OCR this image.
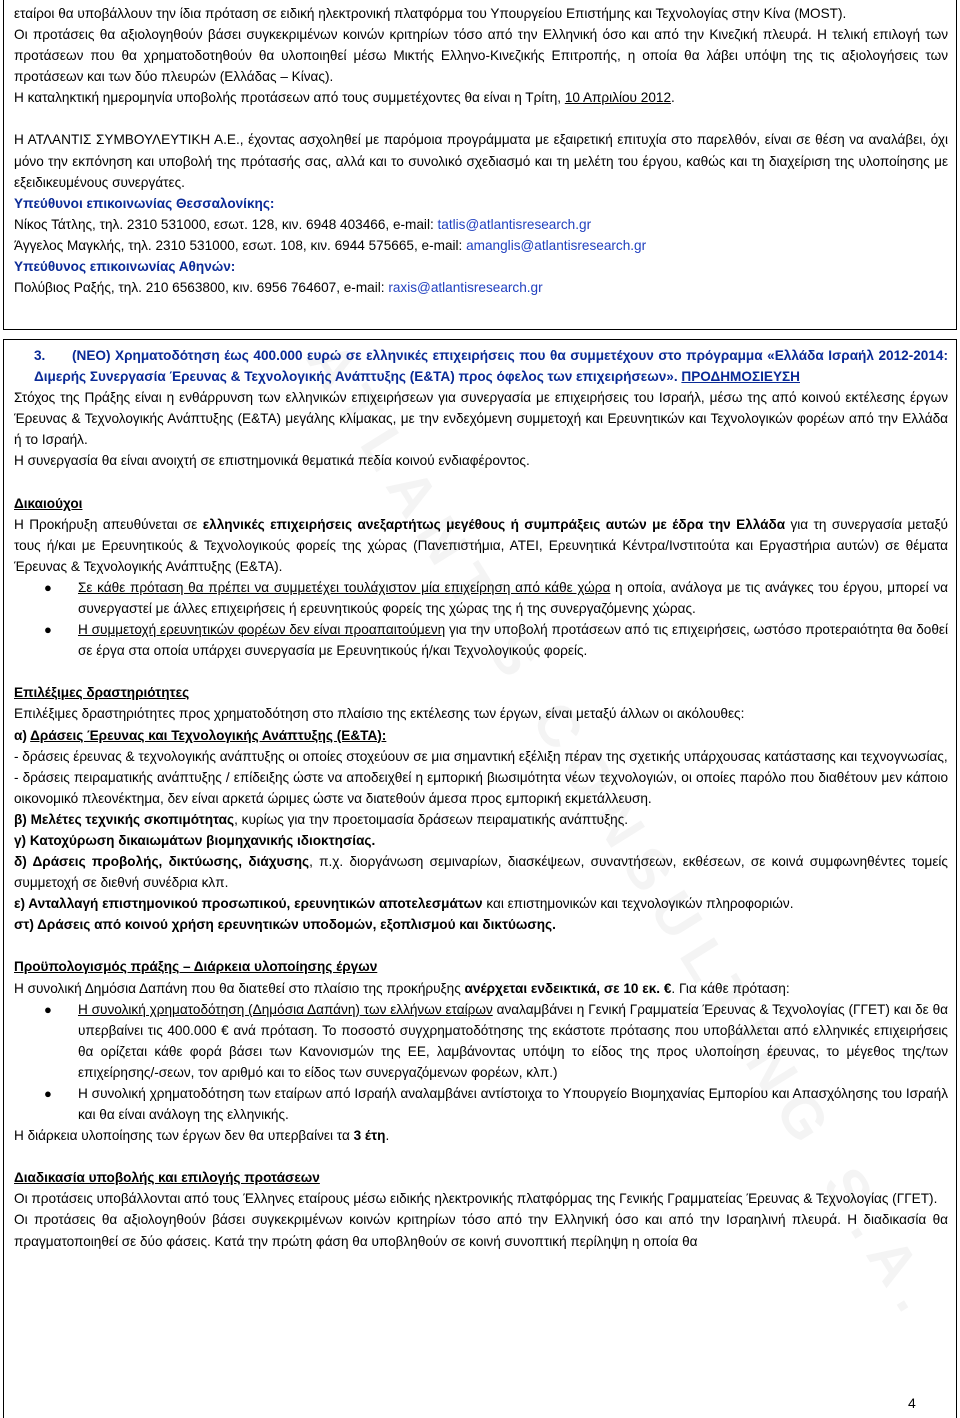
εταίροι θα υποβάλλουν την ίδια πρόταση σε ειδική ηλεκτρονική πλατφόρμα του Υπουργείου Επιστήμης και Τεχνολογίας στην Κίνα (MOST).

Οι προτάσεις θα αξιολογηθούν βάσει συγκεκριμένων κοινών κριτηρίων τόσο από την Ελληνική όσο και από την Κινεζική πλευρά. Η τελική επιλογή των προτάσεων που θα χρηματοδοτηθούν θα υλοποιηθεί μέσω Μικτής Ελληνο-Κινεζικής Επιτροπής, η οποία θα λάβει υπόψη της τις αξιολογήσεις των προτάσεων και των δύο πλευρών (Ελλάδας – Κίνας).

Η καταληκτική ημερομηνία υποβολής προτάσεων από τους συμμετέχοντες θα είναι η Τρίτη, 10 Απριλίου 2012.

Η ΑΤΛΑΝΤΙΣ ΣΥΜΒΟΥΛΕΥΤΙΚΗ Α.Ε., έχοντας ασχοληθεί με παρόμοια προγράμματα με εξαιρετική επιτυχία στο παρελθόν, είναι σε θέση να αναλάβει, όχι μόνο την εκπόνηση και υποβολή της πρότασής σας, αλλά και το συνολικό σχεδιασμό και τη μελέτη του έργου, καθώς και τη διαχείριση της υλοποίησης με εξειδικευμένους συνεργάτες.

Υπεύθυνοι επικοινωνίας Θεσσαλονίκης:

Νίκος Τάτλης, τηλ. 2310 531000, εσωτ. 128, κιν. 6948 403466, e-mail: tatlis@atlantisresearch.gr

Άγγελος Μαγκλής, τηλ. 2310 531000, εσωτ. 108, κιν. 6944 575665, e-mail: amanglis@atlantisresearch.gr

Υπεύθυνος επικοινωνίας Αθηνών:

Πολύβιος Ραξής, τηλ. 210 6563800, κιν. 6956 764607, e-mail: raxis@atlantisresearch.gr

3. (ΝΕΟ) Χρηματοδότηση έως 400.000 ευρώ σε ελληνικές επιχειρήσεις που θα συμμετέχουν στο πρόγραμμα «Ελλάδα Ισραήλ 2012-2014: Διμερής Συνεργασία Έρευνας & Τεχνολογικής Ανάπτυξης (Ε&ΤΑ) προς όφελος των επιχειρήσεων». ΠΡΟΔΗΜΟΣΙΕΥΣΗ

Στόχος της Πράξης είναι η ενθάρρυνση των ελληνικών επιχειρήσεων για συνεργασία με επιχειρήσεις του Ισραήλ, μέσω της από κοινού εκτέλεσης έργων Έρευνας & Τεχνολογικής Ανάπτυξης (Ε&ΤΑ) μεγάλης κλίμακας, με την ενδεχόμενη συμμετοχή και Ερευνητικών και Τεχνολογικών φορέων από την Ελλάδα ή το Ισραήλ.

Η συνεργασία θα είναι ανοιχτή σε επιστημονικά θεματικά πεδία κοινού ενδιαφέροντος.

Δικαιούχοι

Η Προκήρυξη απευθύνεται σε ελληνικές επιχειρήσεις ανεξαρτήτως μεγέθους ή συμπράξεις αυτών με έδρα την Ελλάδα για τη συνεργασία μεταξύ τους ή/και με Ερευνητικούς & Τεχνολογικούς φορείς της χώρας (Πανεπιστήμια, ΑΤΕΙ, Ερευνητικά Κέντρα/Ινστιτούτα και Εργαστήρια αυτών) σε θέματα Έρευνας & Τεχνολογικής Ανάπτυξης (Ε&ΤΑ).

● Σε κάθε πρόταση θα πρέπει να συμμετέχει τουλάχιστον μία επιχείρηση από κάθε χώρα η οποία, ανάλογα με τις ανάγκες του έργου, μπορεί να συνεργαστεί με άλλες επιχειρήσεις ή ερευνητικούς φορείς της χώρας της ή της συνεργαζόμενης χώρας.
● Η συμμετοχή ερευνητικών φορέων δεν είναι προαπαιτούμενη για την υποβολή προτάσεων από τις επιχειρήσεις, ωστόσο προτεραιότητα θα δοθεί σε έργα στα οποία υπάρχει συνεργασία με Ερευνητικούς ή/και Τεχνολογικούς φορείς.

Επιλέξιμες δραστηριότητες

Επιλέξιμες δραστηριότητες προς χρηματοδότηση στο πλαίσιο της εκτέλεσης των έργων, είναι μεταξύ άλλων οι ακόλουθες:

α) Δράσεις Έρευνας και Τεχνολογικής Ανάπτυξης (Ε&ΤΑ):

- δράσεις έρευνας & τεχνολογικής ανάπτυξης οι οποίες στοχεύουν σε μια σημαντική εξέλιξη πέραν της σχετικής υπάρχουσας κατάστασης και τεχνογνωσίας,

- δράσεις πειραματικής ανάπτυξης / επίδειξης ώστε να αποδειχθεί η εμπορική βιωσιμότητα νέων τεχνολογιών, οι οποίες παρόλο που διαθέτουν μεν κάποιο οικονομικό πλεονέκτημα, δεν είναι αρκετά ώριμες ώστε να διατεθούν άμεσα προς εμπορική εκμετάλλευση.

β) Μελέτες τεχνικής σκοπιμότητας, κυρίως για την προετοιμασία δράσεων πειραματικής ανάπτυξης.

γ) Κατοχύρωση δικαιωμάτων βιομηχανικής ιδιοκτησίας.

δ) Δράσεις προβολής, δικτύωσης, διάχυσης, π.χ. διοργάνωση σεμιναρίων, διασκέψεων, συναντήσεων, εκθέσεων, σε κοινά συμφωνηθέντες τομείς συμμετοχή σε διεθνή συνέδρια κλπ.

ε) Ανταλλαγή επιστημονικού προσωπικού, ερευνητικών αποτελεσμάτων και επιστημονικών και τεχνολογικών πληροφοριών.

στ) Δράσεις από κοινού χρήση ερευνητικών υποδομών, εξοπλισμού και δικτύωσης.

Προϋπολογισμός πράξης – Διάρκεια υλοποίησης έργων

Η συνολική Δημόσια Δαπάνη που θα διατεθεί στο πλαίσιο της προκήρυξης ανέρχεται ενδεικτικά, σε 10 εκ. €. Για κάθε πρόταση:

● Η συνολική χρηματοδότηση (Δημόσια Δαπάνη) των ελλήνων εταίρων αναλαμβάνει η Γενική Γραμματεία Έρευνας & Τεχνολογίας (ΓΓΕΤ) και δε θα υπερβαίνει τις 400.000 € ανά πρόταση. Το ποσοστό συγχρηματοδότησης της εκάστοτε πρότασης που υποβάλλεται από ελληνικές επιχειρήσεις θα ορίζεται κάθε φορά βάσει των Κανονισμών της ΕΕ, λαμβάνοντας υπόψη το είδος της προς υλοποίηση έρευνας, το μέγεθος της/των επιχείρησης/-σεων, τον αριθμό και το είδος των συνεργαζόμενων φορέων, κλπ.)
● Η συνολική χρηματοδότηση των εταίρων από Ισραήλ αναλαμβάνει αντίστοιχα το Υπουργείο Βιομηχανίας Εμπορίου και Απασχόλησης του Ισραήλ και θα είναι ανάλογη της ελληνικής.

Η διάρκεια υλοποίησης των έργων δεν θα υπερβαίνει τα 3 έτη.

Διαδικασία υποβολής και επιλογής προτάσεων

Οι προτάσεις υποβάλλονται από τους Έλληνες εταίρους μέσω ειδικής ηλεκτρονικής πλατφόρμας της Γενικής Γραμματείας Έρευνας & Τεχνολογίας (ΓΓΕΤ).

Οι προτάσεις θα αξιολογηθούν βάσει συγκεκριμένων κοινών κριτηρίων τόσο από την Ελληνική όσο και από την Ισραηλινή πλευρά. Η διαδικασία θα πραγματοποιηθεί σε δύο φάσεις. Κατά την πρώτη φάση θα υποβληθούν σε κοινή συνοπτική περίληψη η οποία θα

4
